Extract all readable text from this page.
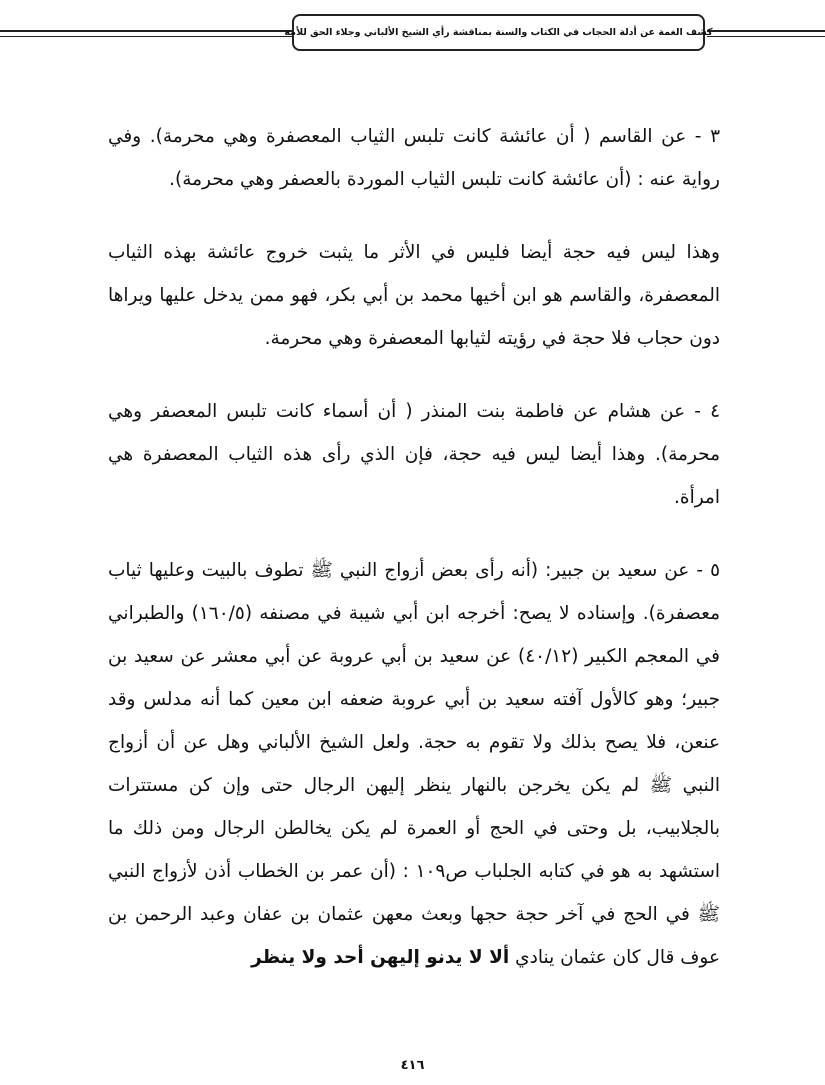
كشف الغمة عن أدلة الحجاب في الكتاب والسنة بمناقشة رأي الشيخ الألباني وجلاء الحق للأمة

٣ - عن القاسم ( أن عائشة كانت تلبس الثياب المعصفرة وهي محرمة). وفي رواية عنه : (أن عائشة كانت تلبس الثياب الموردة بالعصفر وهي محرمة).

وهذا ليس فيه حجة أيضا فليس في الأثر ما يثبت خروج عائشة بهذه الثياب المعصفرة، والقاسم هو ابن أخيها محمد بن أبي بكر، فهو ممن يدخل عليها ويراها دون حجاب فلا حجة في رؤيته لثيابها المعصفرة وهي محرمة.

٤ - عن هشام عن فاطمة بنت المنذر ( أن أسماء كانت تلبس المعصفر وهي محرمة). وهذا أيضا ليس فيه حجة، فإن الذي رأى هذه الثياب المعصفرة هي امرأة.

٥ - عن سعيد بن جبير: (أنه رأى بعض أزواج النبي ﷺ تطوف بالبيت وعليها ثياب معصفرة). وإسناده لا يصح: أخرجه ابن أبي شيبة في مصنفه (١٦٠/٥) والطبراني في المعجم الكبير (٤٠/١٢) عن سعيد بن أبي عروبة عن أبي معشر عن سعيد بن جبير؛ وهو كالأول آفته سعيد بن أبي عروبة ضعفه ابن معين كما أنه مدلس وقد عنعن، فلا يصح بذلك ولا تقوم به حجة. ولعل الشيخ الألباني وهل عن أن أزواج النبي ﷺ لم يكن يخرجن بالنهار ينظر إليهن الرجال حتى وإن كن مستترات بالجلابيب، بل وحتى في الحج أو العمرة لم يكن يخالطن الرجال ومن ذلك ما استشهد به هو في كتابه الجلباب ص١٠٩ : (أن عمر بن الخطاب أذن لأزواج النبي ﷺ في الحج في آخر حجة حجها وبعث معهن عثمان بن عفان وعبد الرحمن بن عوف قال كان عثمان ينادي ألا لا يدنو إليهن أحد ولا ينظر

٤١٦
